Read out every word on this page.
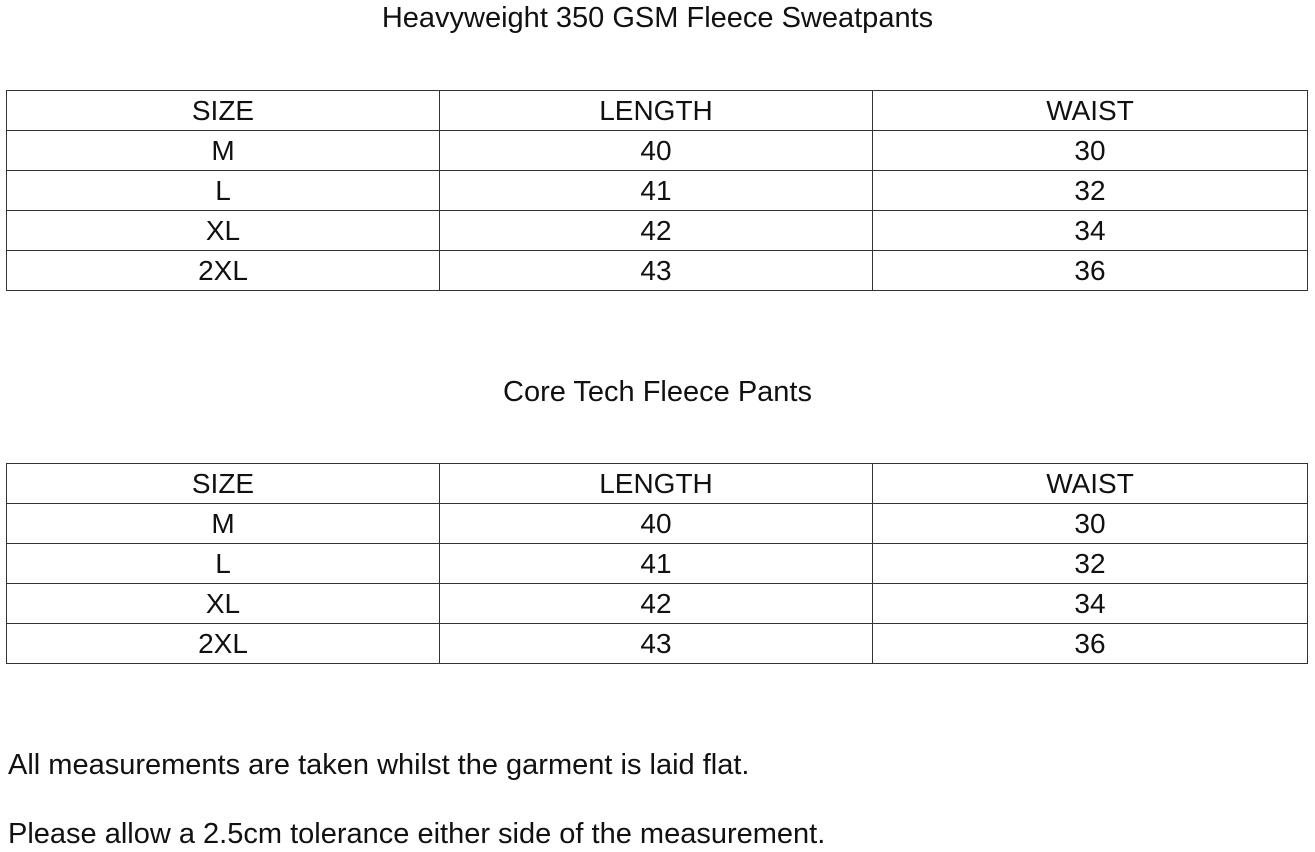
Heavyweight 350 GSM Fleece Sweatpants
SIZE	LENGTH	WAIST
M	40	30
L	41	32
XL	42	34
2XL	43	36
Core Tech Fleece Pants
SIZE	LENGTH	WAIST
M	40	30
L	41	32
XL	42	34
2XL	43	36

All measurements are taken whilst the garment is laid flat.

Please allow a 2.5cm tolerance either side of the measurement.
